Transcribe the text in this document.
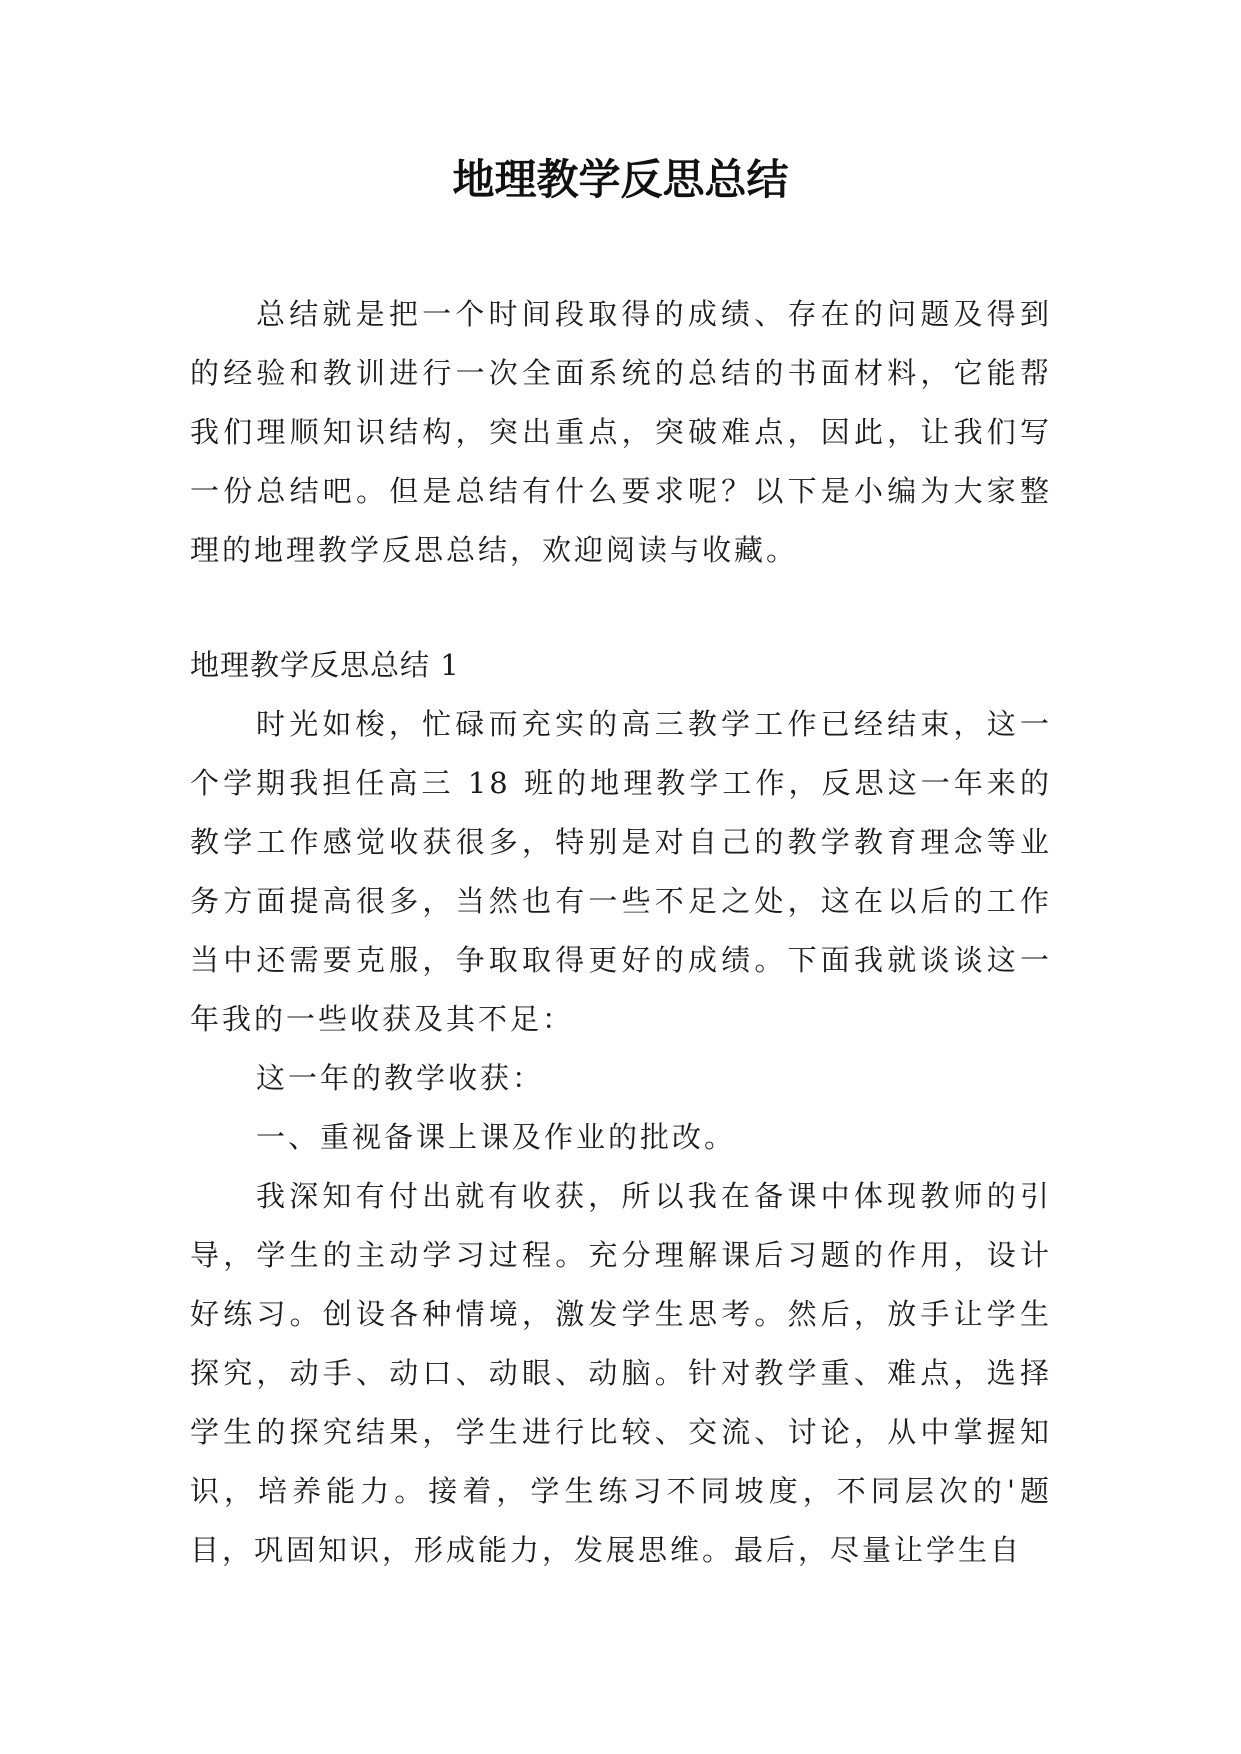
地理教学反思总结

总结就是把一个时间段取得的成绩、存在的问题及得到的经验和教训进行一次全面系统的总结的书面材料，它能帮我们理顺知识结构，突出重点，突破难点，因此，让我们写一份总结吧。但是总结有什么要求呢？以下是小编为大家整理的地理教学反思总结，欢迎阅读与收藏。

地理教学反思总结 1

时光如梭，忙碌而充实的高三教学工作已经结束，这一个学期我担任高三 18 班的地理教学工作，反思这一年来的教学工作感觉收获很多，特别是对自己的教学教育理念等业务方面提高很多，当然也有一些不足之处，这在以后的工作当中还需要克服，争取取得更好的成绩。下面我就谈谈这一年我的一些收获及其不足：

这一年的教学收获：

一、重视备课上课及作业的批改。

我深知有付出就有收获，所以我在备课中体现教师的引导，学生的主动学习过程。充分理解课后习题的作用，设计好练习。创设各种情境，激发学生思考。然后，放手让学生探究，动手、动口、动眼、动脑。针对教学重、难点，选择学生的探究结果，学生进行比较、交流、讨论，从中掌握知识，培养能力。接着，学生练习不同坡度，不同层次的'题目，巩固知识，形成能力，发展思维。最后，尽量让学生自
